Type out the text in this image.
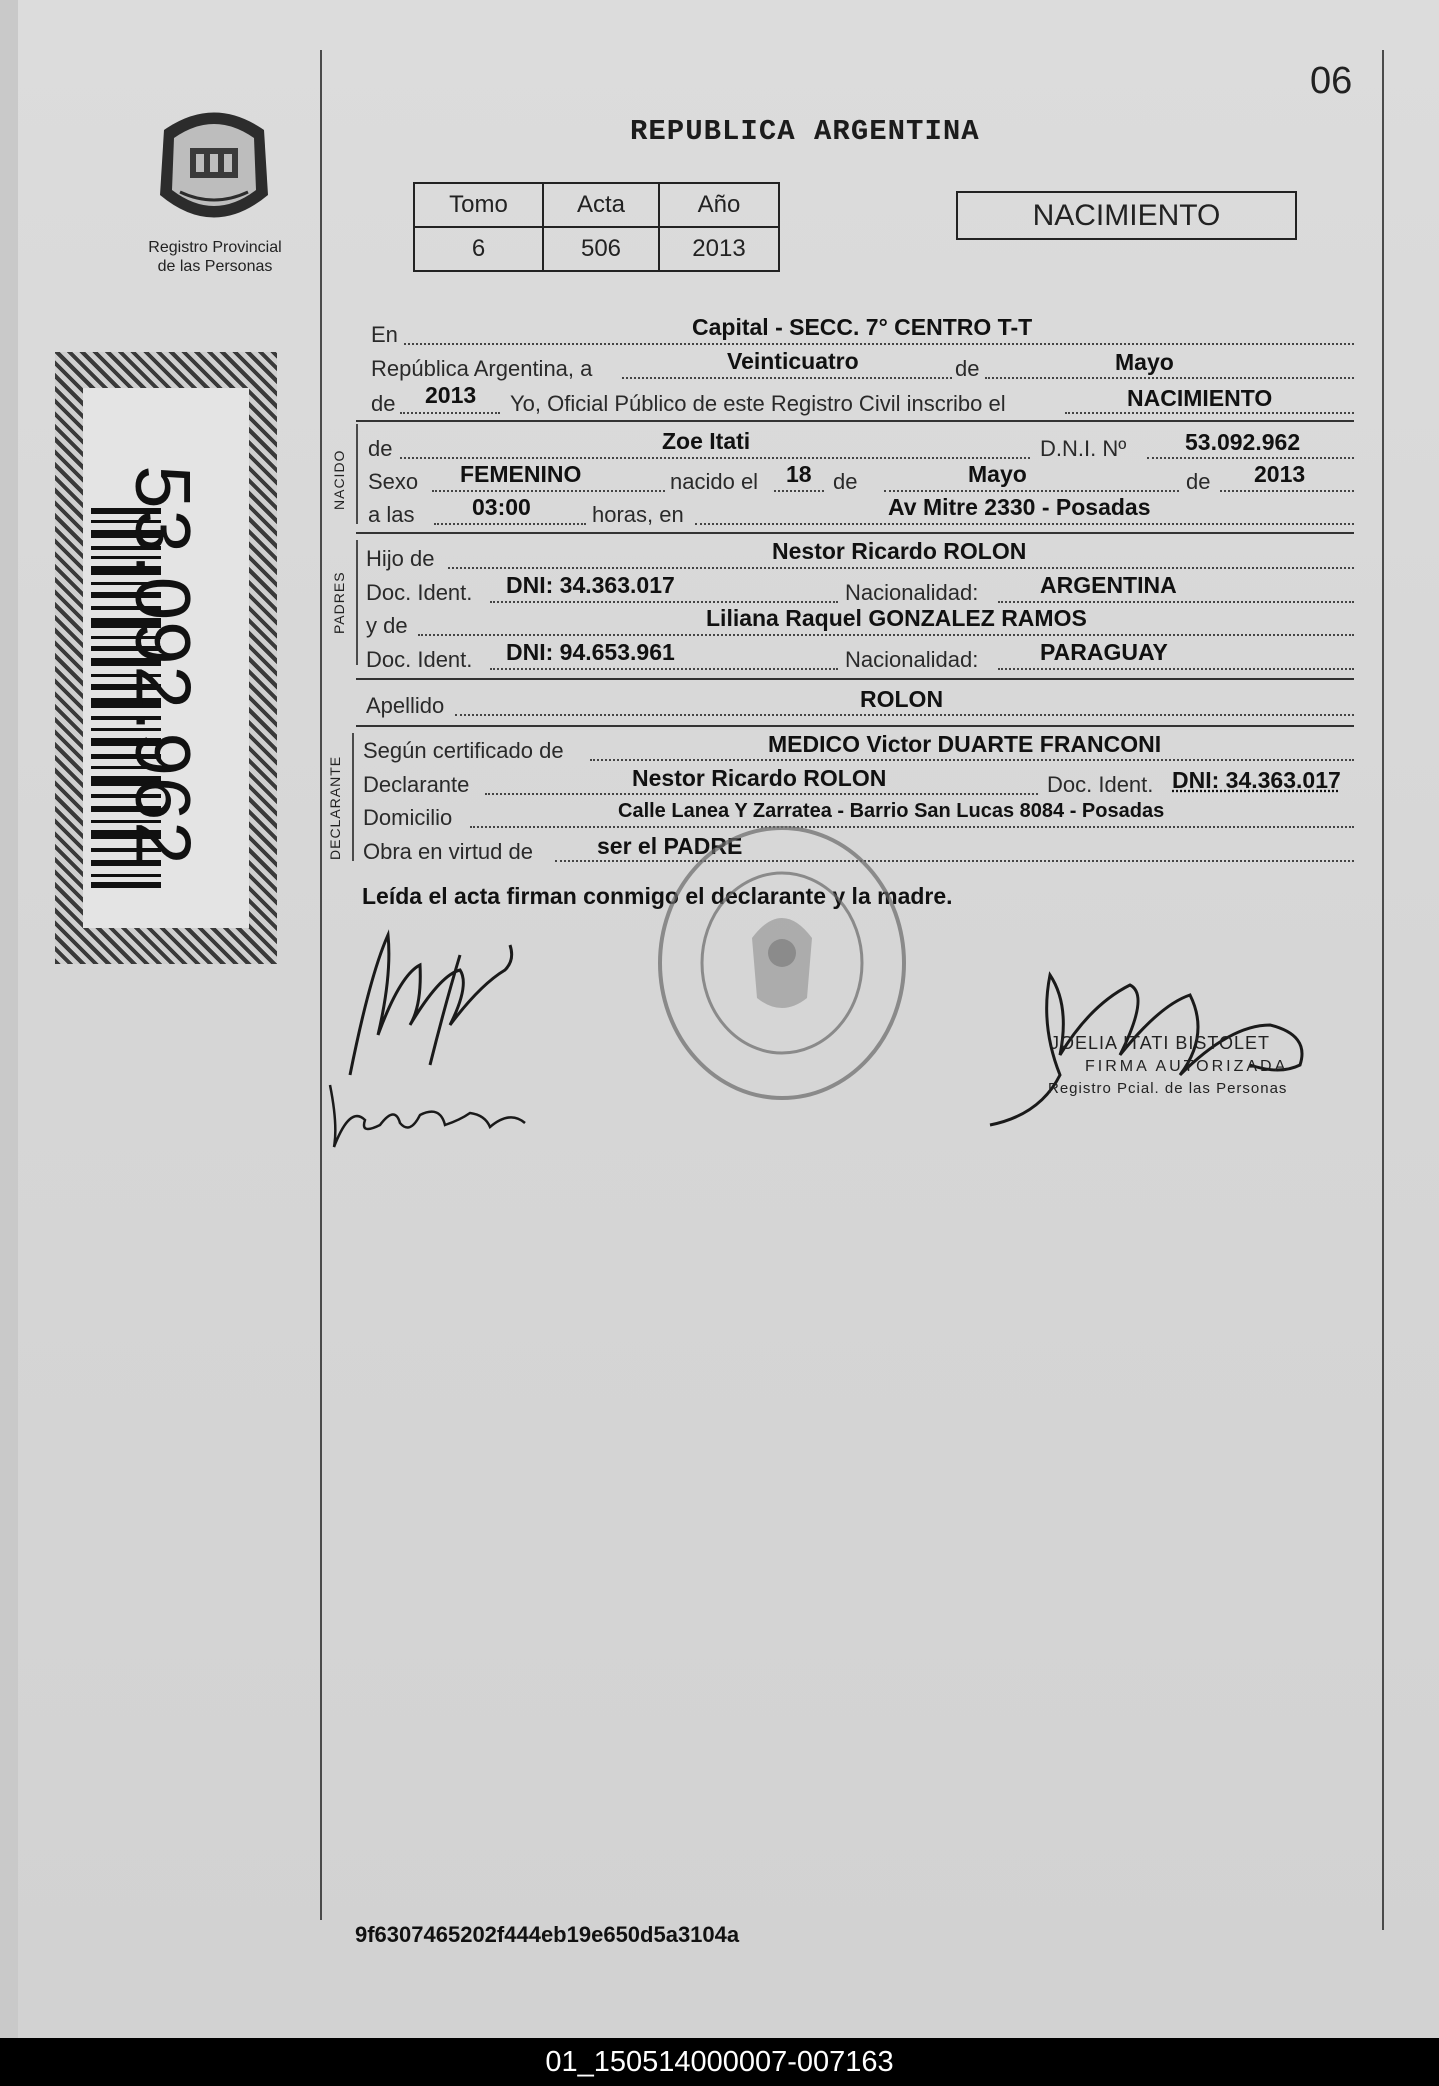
06
Registro Provincial
de las Personas
53.092.962
REPUBLICA ARGENTINA
Tomo	Acta	Año
6	506	2013
NACIMIENTO
En	Capital - SECC. 7° CENTRO T-T
República Argentina, a	Veinticuatro	de	Mayo
de 2013 Yo, Oficial Público de este Registro Civil inscribo el	NACIMIENTO
NACIDO
de	Zoe Itati	D.N.I. Nº	53.092.962
Sexo FEMENINO	nacido el 18 de	Mayo	de 2013
a las	03:00	horas, en	Av Mitre 2330 - Posadas
PADRES
Hijo de	Nestor Ricardo ROLON
Doc. Ident. DNI: 34.363.017	Nacionalidad:	ARGENTINA
y de	Liliana Raquel GONZALEZ RAMOS
Doc. Ident. DNI: 94.653.961	Nacionalidad:	PARAGUAY
Apellido	ROLON
DECLARANTE
Según certificado de	MEDICO Victor DUARTE FRANCONI
Declarante	Nestor Ricardo ROLON	Doc. Ident. DNI: 34.363.017
Domicilio	Calle Lanea Y Zarratea - Barrio San Lucas 8084 - Posadas
Obra en virtud de	ser el PADRE
Leída el acta firman conmigo el declarante y la madre.
JOELIA ITATI BISTOLET
FIRMA AUTORIZADA
Registro Pcial. de las Personas
9f6307465202f444eb19e650d5a3104a
01_150514000007-007163
